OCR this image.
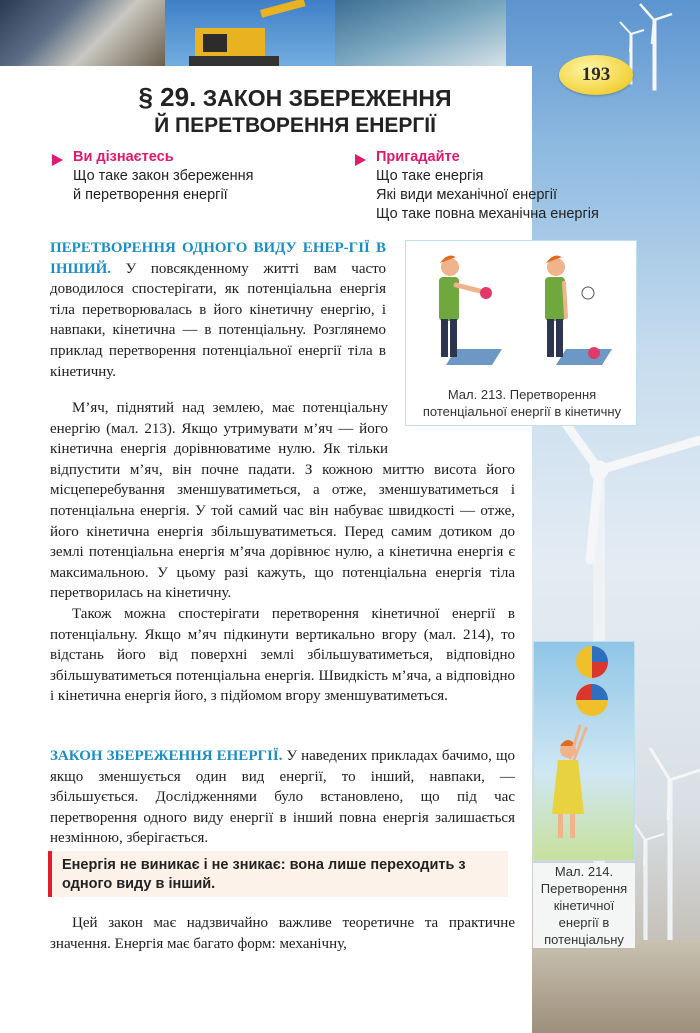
193
§ 29. ЗАКОН ЗБЕРЕЖЕННЯ
Й ПЕРЕТВОРЕННЯ ЕНЕРГІЇ
Ви дізнаєтесь
Що таке закон збереження
й перетворення енергії
Пригадайте
Що таке енергія
Які види механічної енергії
Що таке повна механічна енергія

ПЕРЕТВОРЕННЯ ОДНОГО ВИДУ ЕНЕР-ГІЇ В ІНШИЙ. У повсякденному житті вам часто доводилося спостерігати, як потенціальна енергія тіла перетворювалась в його кінетичну енергію, і навпаки, кінетична — в потенціальну. Розглянемо приклад перетворення потенціальної енергії тіла в кінетичну.

М’яч, піднятий над землею, має потенціальну енергію (мал. 213). Якщо утримувати м’яч — його кінетична енергія дорівнюватиме нулю. Як тільки відпустити м’яч, він почне падати. З кожною миттю висота його місцеперебування зменшуватиметься, а отже, зменшуватиметься і потенціальна енергія. У той самий час він набуває швидкості — отже, його кінетична енергія збільшуватиметься. Перед самим дотиком до землі потенціальна енергія м’яча дорівнює нулю, а кінетична енергія є максимальною. У цьому разі кажуть, що потенціальна енергія тіла перетворилась на кінетичну.

Також можна спостерігати перетворення кінетичної енергії в потенціальну. Якщо м’яч підкинути вертикально вгору (мал. 214), то відстань його від поверхні землі збільшуватиметься, відповідно збільшуватиметься потенціальна енергія. Швидкість м’яча, а відповідно і кінетична енергія його, з підйомом вгору зменшуватиметься.

Мал. 213. Перетворення потенціальної енергії в кінетичну
Мал. 214. Перетворення кінетичної енергії в потенціальну

ЗАКОН ЗБЕРЕЖЕННЯ ЕНЕРГІЇ. У наведених прикладах бачимо, що якщо зменшується один вид енергії, то інший, навпаки, — збільшується. Дослідженнями було встановлено, що під час перетворення одного виду енергії в інший повна енергія залишається незмінною, зберігається.

Енергія не виникає і не зникає: вона лише переходить з одного виду в інший.

Цей закон має надзвичайно важливе теоретичне та практичне значення. Енергія має багато форм: механічну,
